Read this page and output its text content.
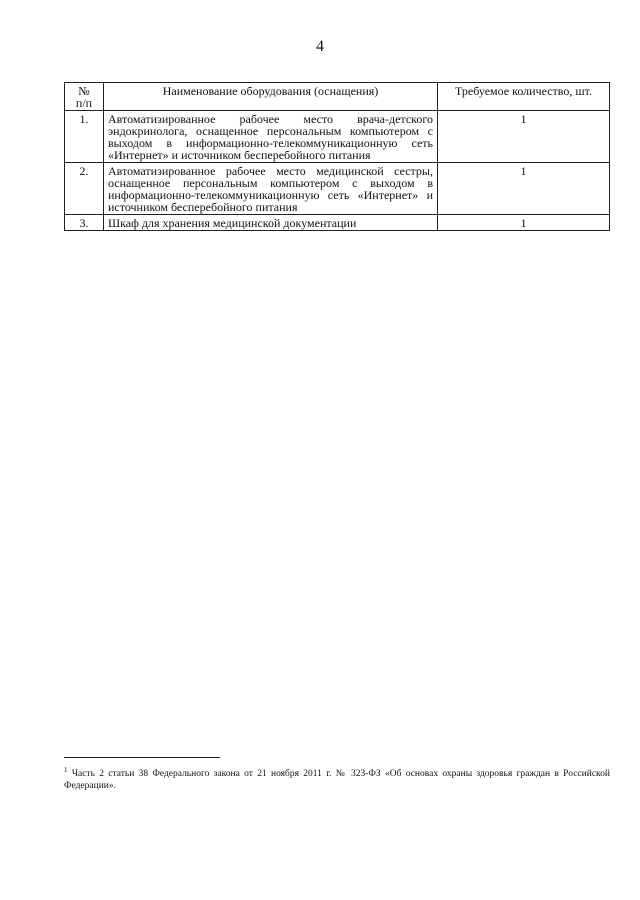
4
№
п/п	Наименование оборудования (оснащения)	Требуемое количество, шт.
1.	Автоматизированное рабочее место врача-детского эндокринолога, оснащенное персональным компьютером с выходом в информационно-телекоммуникационную сеть «Интернет» и источником бесперебойного питания	1
2.	Автоматизированное рабочее место медицинской сестры, оснащенное персональным компьютером с выходом в информационно-телекоммуникационную сеть «Интернет» и источником бесперебойного питания	1
3.	Шкаф для хранения медицинской документации	1
$^1$ Часть 2 статьи 38 Федерального закона от 21 ноября 2011 г. № 323-ФЗ «Об основах охраны здоровья граждан в Российской Федерации».
